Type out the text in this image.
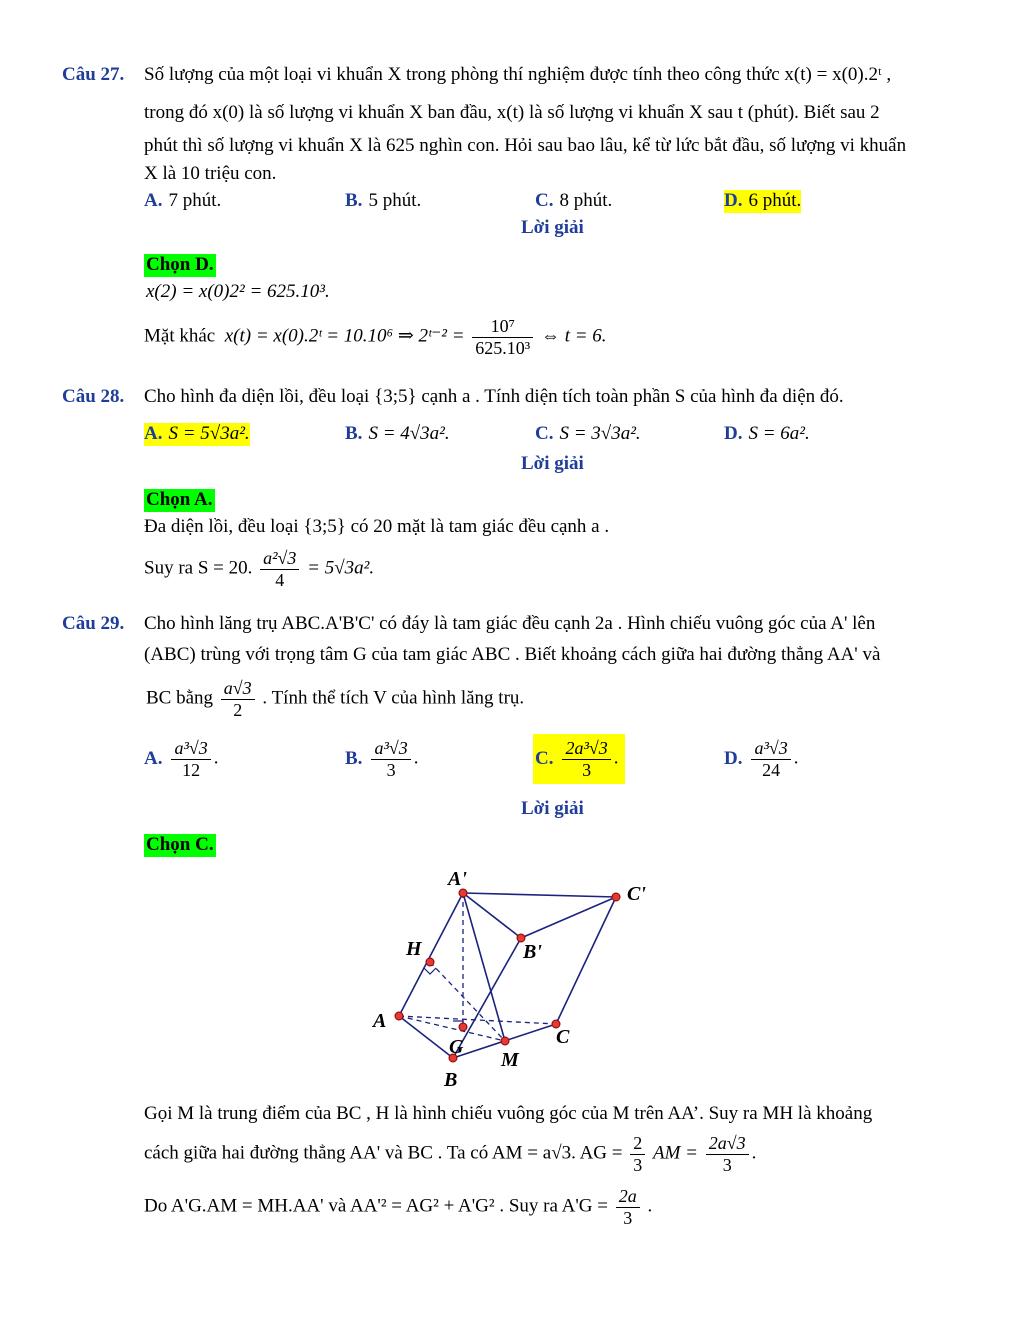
Câu 27. Số lượng của một loại vi khuẩn X trong phòng thí nghiệm được tính theo công thức x(t) = x(0).2ᵗ ,
trong đó x(0) là số lượng vi khuẩn X ban đầu, x(t) là số lượng vi khuẩn X sau t (phút). Biết sau 2
phút thì số lượng vi khuẩn X là 625 nghìn con. Hỏi sau bao lâu, kể từ lức bắt đầu, số lượng vi khuẩn
X là 10 triệu con.
A. 7 phút.	B. 5 phút.	C. 8 phút.	D. 6 phút.
Lời giải
Chọn D.
x(2) = x(0)2² = 625.10³.
Mặt khác x(t) = x(0).2ᵗ = 10.10⁶ ⇒ 2ᵗ⁻² = $\frac{\text{10⁷}}{\text{625.10³}}$ ⇔ t = 6.
Câu 28. Cho hình đa diện lồi, đều loại {3;5} cạnh a . Tính diện tích toàn phần S của hình đa diện đó.
A. S = 5√3a².	B. S = 4√3a².	C. S = 3√3a².	D. S = 6a².
Lời giải
Chọn A.
Đa diện lồi, đều loại {3;5} có 20 mặt là tam giác đều cạnh a .
Suy ra S = 20. $\frac{\text{a²√3}}{4} = 5√3a^2$.
Câu 29. Cho hình lăng trụ ABC.A'B'C' có đáy là tam giác đều cạnh 2a . Hình chiếu vuông góc của A' lên
(ABC) trùng với trọng tâm G của tam giác ABC . Biết khoảng cách giữa hai đường thẳng AA' và
BC bằng $\frac{a√3}{2}$ . Tính thể tích V của hình lăng trụ.
A. $\frac{\text{a³√3}}{12}$ .	B. $\frac{\text{a³√3}}{3}$ .	C. $\frac{\text{2a³√3}}{3}$ .	D. $\frac{\text{a³√3}}{24}$ .
Lời giải
Chọn C.
A'
C'
H	B'
A
C
G
M
B
Gọi M là trung điểm của BC , H là hình chiếu vuông góc của M trên AA’. Suy ra MH là khoảng
cách giữa hai đường thẳng AA' và BC . Ta có AM = a√3. AG = $\frac{2}{3}$ AM = $\frac{2a√3}{3}$ .
Do A'G.AM = MH.AA' và AA'² = AG² + A'G² . Suy ra $A'G = \frac{2a}{3}$ .
